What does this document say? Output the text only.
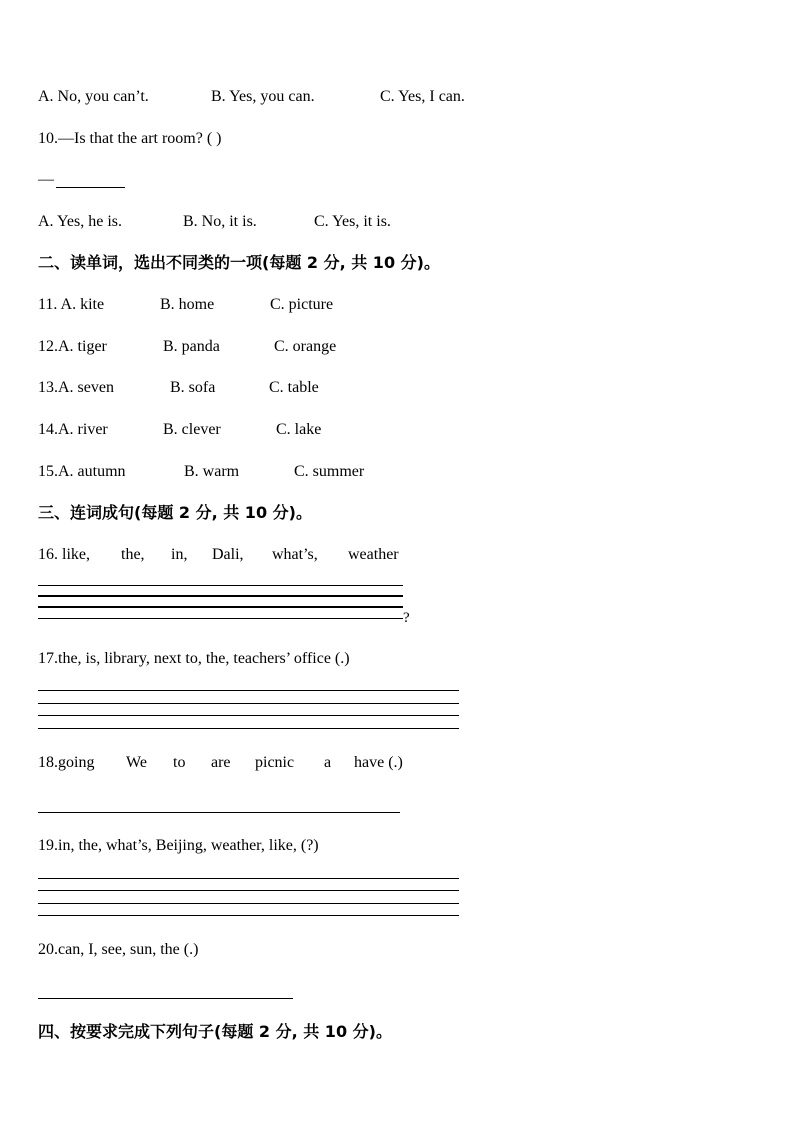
A. No, you can’t.	B. Yes, you can.	C. Yes, I can.
10.—Is that the art room? ( )
—
A. Yes, he is.	B. No, it is.	C. Yes, it is.
二、读单词，选出不同类的一项(每题 2 分, 共 10 分)。
11. A. kite	B. home	C. picture
12.A. tiger	B. panda	C. orange
13.A. seven	B. sofa	C. table
14.A. river	B. clever	C. lake
15.A. autumn	B. warm	C. summer
三、连词成句(每题 2 分, 共 10 分)。
16. like, the, in, Dali, what’s, weather
?
17.the, is, library, next to, the, teachers’ office (.)
18.going We to are picnic a have (.)
19.in, the, what’s, Beijing, weather, like, (?)
20.can, I, see, sun, the (.)
四、按要求完成下列句子(每题 2 分, 共 10 分)。
